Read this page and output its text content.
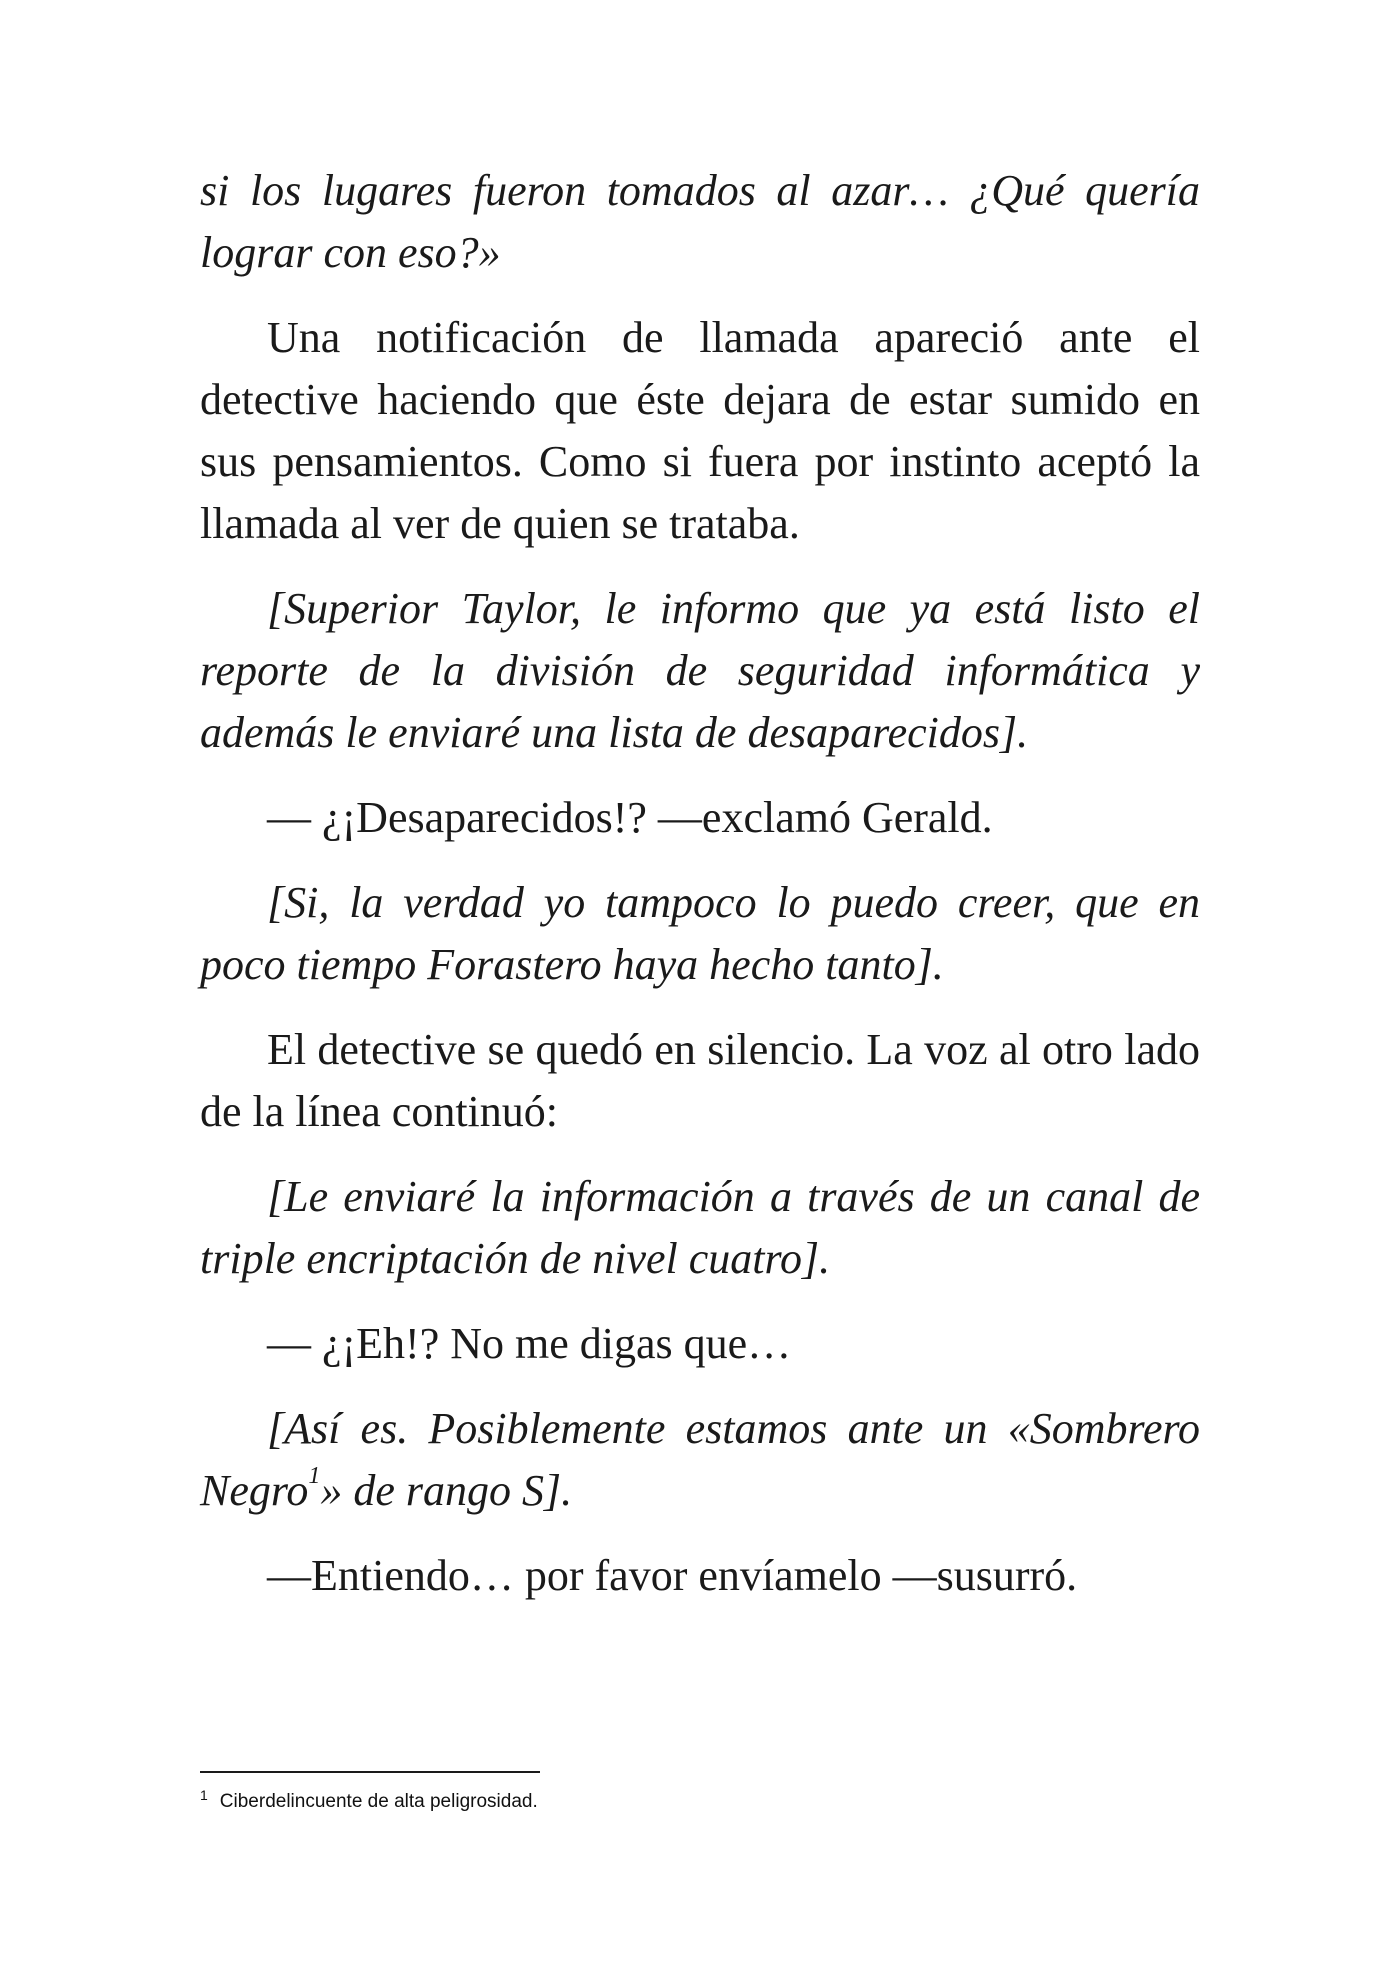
si los lugares fueron tomados al azar… ¿Qué quería lograr con eso?»

Una notificación de llamada apareció ante el detective haciendo que éste dejara de estar sumido en sus pensamientos. Como si fuera por instinto aceptó la llamada al ver de quien se trataba.

[Superior Taylor, le informo que ya está listo el reporte de la división de seguridad informática y además le enviaré una lista de desaparecidos].

— ¿¡Desaparecidos!? —exclamó Gerald.

[Si, la verdad yo tampoco lo puedo creer, que en poco tiempo Forastero haya hecho tanto].

El detective se quedó en silencio. La voz al otro lado de la línea continuó:

[Le enviaré la información a través de un canal de triple encriptación de nivel cuatro].

— ¿¡Eh!? No me digas que…

[Así es. Posiblemente estamos ante un «Sombrero Negro$^1$» de rango S].

—Entiendo… por favor envíamelo —susurró.

$^1$ Ciberdelincuente de alta peligrosidad.
